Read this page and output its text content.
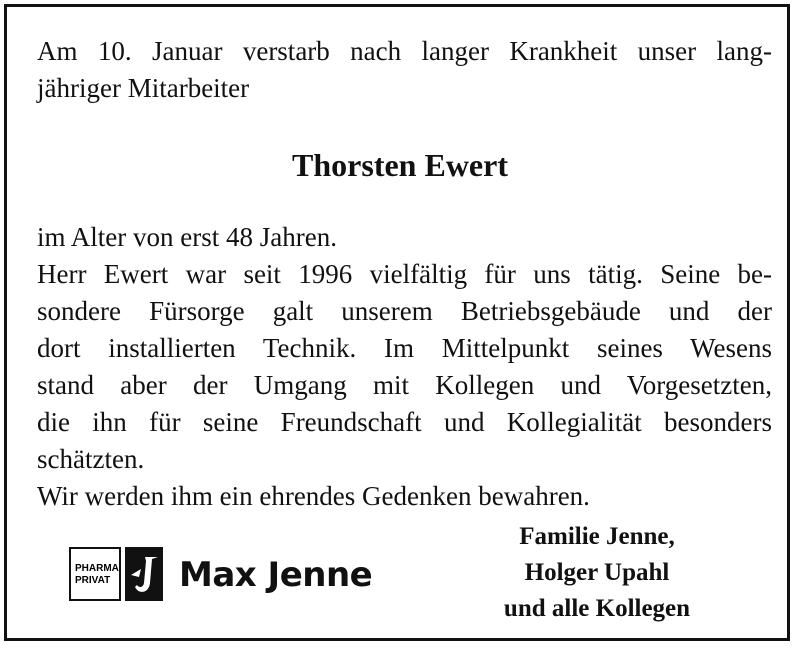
Am 10. Januar verstarb nach langer Krankheit unser lang-
jähriger Mitarbeiter

Thorsten Ewert

im Alter von erst 48 Jahren.
Herr Ewert war seit 1996 vielfältig für uns tätig. Seine be-
sondere Fürsorge galt unserem Betriebsgebäude und der
dort installierten Technik. Im Mittelpunkt seines Wesens
stand aber der Umgang mit Kollegen und Vorgesetzten,
die ihn für seine Freundschaft und Kollegialität besonders
schätzten.
Wir werden ihm ein ehrendes Gedenken bewahren.

PHARMA
PRIVAT Max Jenne
Familie Jenne,
Holger Upahl
und alle Kollegen
